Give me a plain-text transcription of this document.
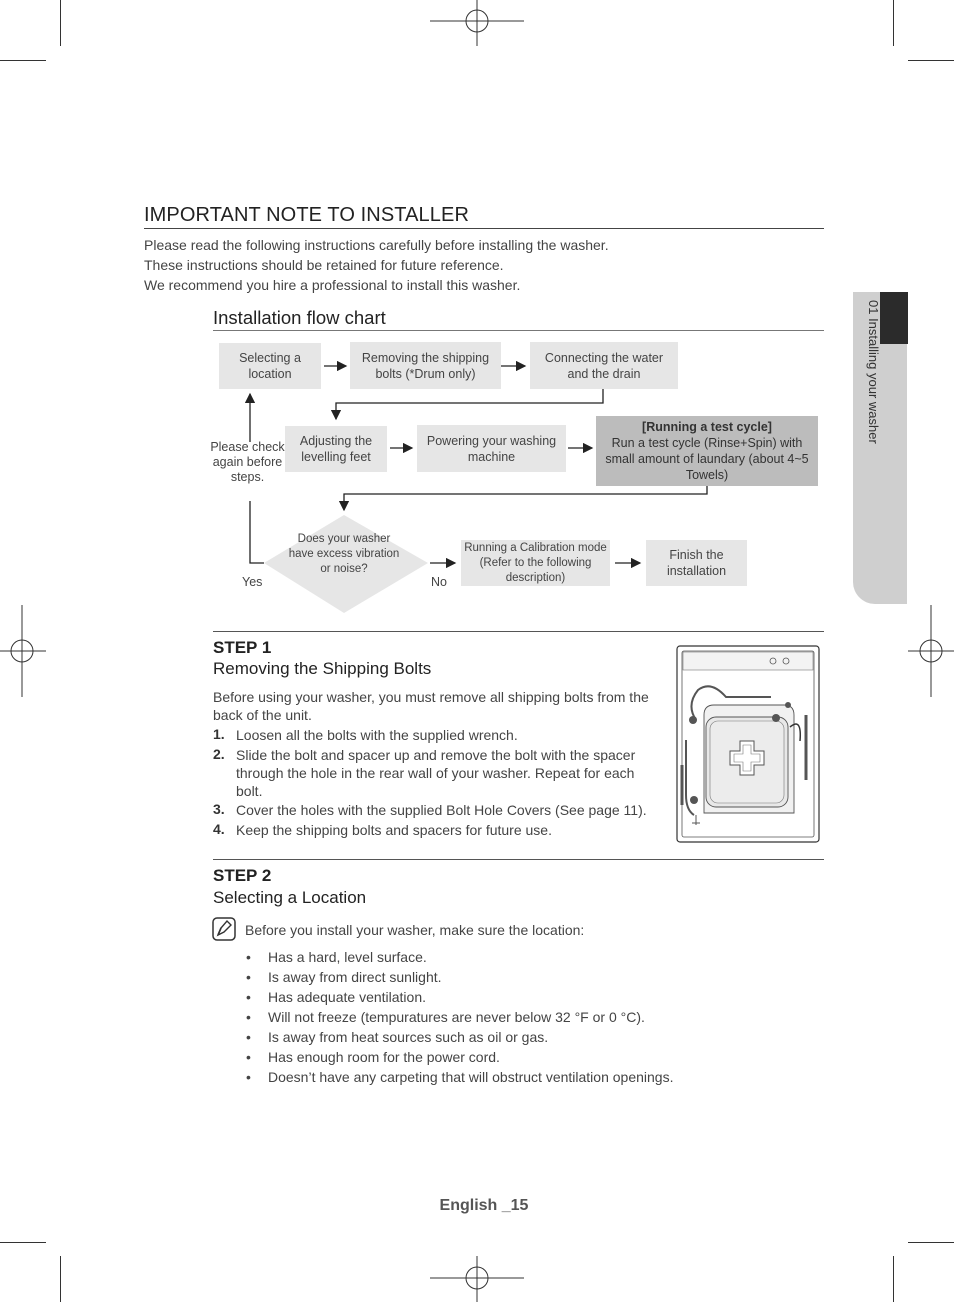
01 Installing your washer
IMPORTANT NOTE TO INSTALLER
Please read the following instructions carefully before installing the washer.
These instructions should be retained for future reference.
We recommend you hire a professional to install this washer.
Installation flow chart
Selecting a location
Removing the shipping bolts (*Drum only)
Connecting the water and the drain
Adjusting the levelling feet
Powering your washing machine
[Running a test cycle]
Run a test cycle (Rinse+Spin) with small amount of laundary (about 4~5 Towels)
Please check again before steps.
Does your washer have excess vibration or noise?
Running a Calibration mode (Refer to the following description)
Finish the installation
Yes	No
STEP 1
Removing the Shipping Bolts
Before using your washer, you must remove all shipping bolts from the back of the unit.
1. Loosen all the bolts with the supplied wrench.
2. Slide the bolt and spacer up and remove the bolt with the spacer through the hole in the rear wall of your washer. Repeat for each bolt.
3. Cover the holes with the supplied Bolt Hole Covers (See page 11).
4. Keep the shipping bolts and spacers for future use.
STEP 2
Selecting a Location
Before you install your washer, make sure the location:
• Has a hard, level surface.
• Is away from direct sunlight.
• Has adequate ventilation.
• Will not freeze (tempuratures are never below 32 °F or 0 °C).
• Is away from heat sources such as oil or gas.
• Has enough room for the power cord.
• Doesn’t have any carpeting that will obstruct ventilation openings.
English _15
